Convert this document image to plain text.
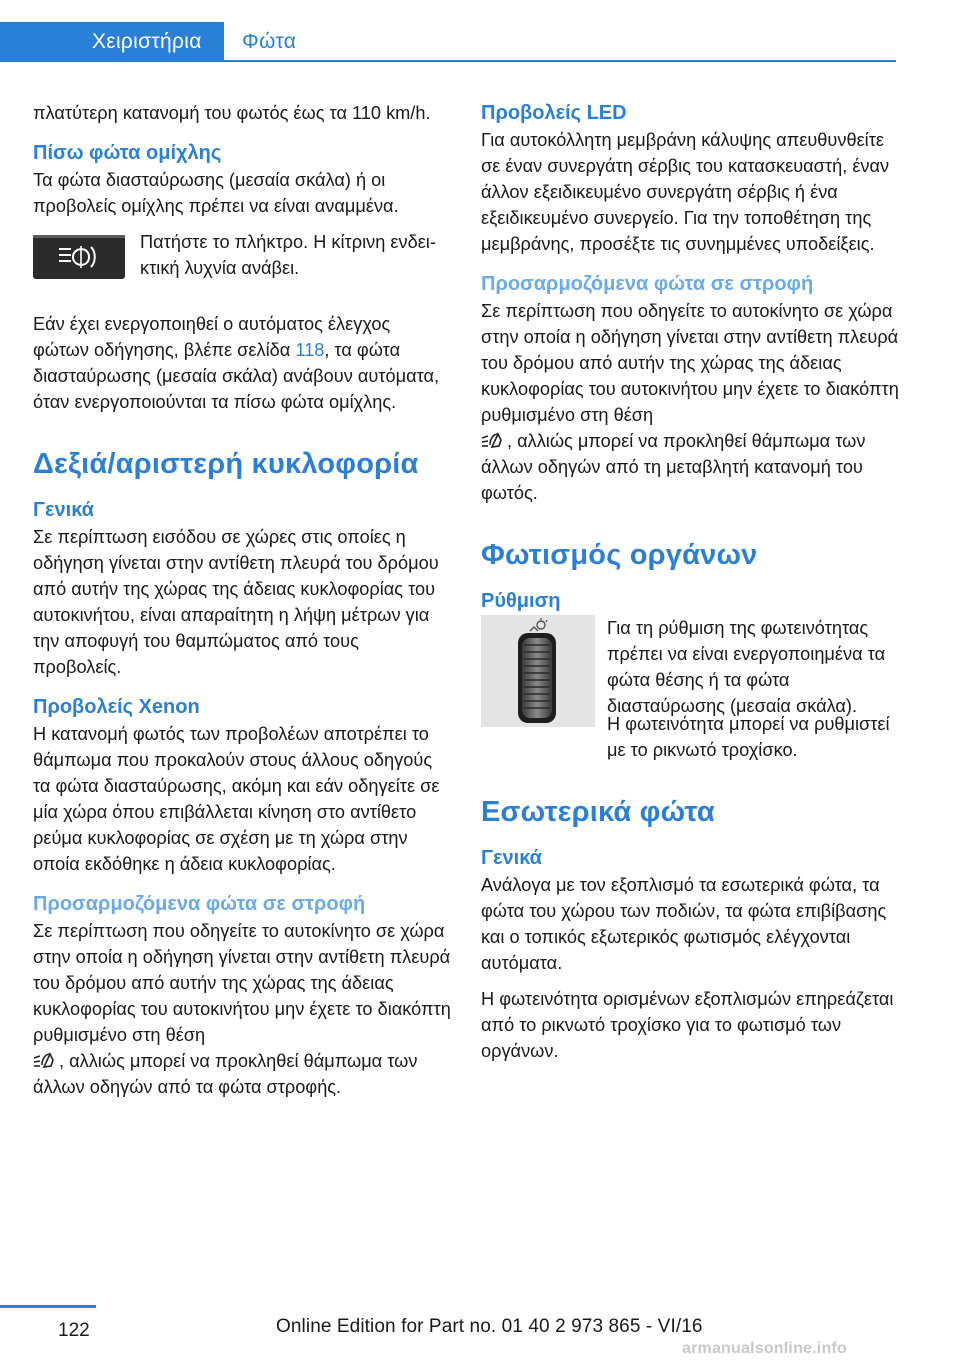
Χειριστήρια	Φώτα

πλατύτερη κατανομή του φωτός έως τα 110 km/h.

Πίσω φώτα ομίχλης

Τα φώτα διασταύρωσης (μεσαία σκάλα) ή οι προβολείς ομίχλης πρέπει να είναι αναμμένα.

Πατήστε το πλήκτρο. Η κίτρινη ενδεικτική λυχνία ανάβει.

Εάν έχει ενεργοποιηθεί ο αυτόματος έλεγχος φώτων οδήγησης, βλέπε σελίδα 118, τα φώτα διασταύρωσης (μεσαία σκάλα) ανάβουν αυτόματα, όταν ενεργοποιούνται τα πίσω φώτα ομίχλης.

Δεξιά/αριστερή κυκλοφορία
Γενικά

Σε περίπτωση εισόδου σε χώρες στις οποίες η οδήγηση γίνεται στην αντίθετη πλευρά του δρόμου από αυτήν της χώρας της άδειας κυκλοφορίας του αυτοκινήτου, είναι απαραίτητη η λήψη μέτρων για την αποφυγή του θαμπώματος από τους προβολείς.

Προβολείς Xenon

Η κατανομή φωτός των προβολέων αποτρέπει το θάμπωμα που προκαλούν στους άλλους οδηγούς τα φώτα διασταύρωσης, ακόμη και εάν οδηγείτε σε μία χώρα όπου επιβάλλεται κίνηση στο αντίθετο ρεύμα κυκλοφορίας σε σχέση με τη χώρα στην οποία εκδόθηκε η άδεια κυκλοφορίας.

Προσαρμοζόμενα φώτα σε στροφή

Σε περίπτωση που οδηγείτε το αυτοκίνητο σε χώρα στην οποία η οδήγηση γίνεται στην αντίθετη πλευρά του δρόμου από αυτήν της χώρας της άδειας κυκλοφορίας του αυτοκινήτου μην έχετε το διακόπτη ρυθμισμένο στη θέση
, αλλιώς μπορεί να προκληθεί θάμπωμα των άλλων οδηγών από τα φώτα στροφής.

Προβολείς LED

Για αυτοκόλλητη μεμβράνη κάλυψης απευθυνθείτε σε έναν συνεργάτη σέρβις του κατασκευαστή, έναν άλλον εξειδικευμένο συνεργάτη σέρβις ή ένα εξειδικευμένο συνεργείο. Για την τοποθέτηση της μεμβράνης, προσέξτε τις συνημμένες υποδείξεις.

Προσαρμοζόμενα φώτα σε στροφή

Σε περίπτωση που οδηγείτε το αυτοκίνητο σε χώρα στην οποία η οδήγηση γίνεται στην αντίθετη πλευρά του δρόμου από αυτήν της χώρας της άδειας κυκλοφορίας του αυτοκινήτου μην έχετε το διακόπτη ρυθμισμένο στη θέση
, αλλιώς μπορεί να προκληθεί θάμπωμα των άλλων οδηγών από τη μεταβλητή κατανομή του φωτός.

Φωτισμός οργάνων
Ρύθμιση

Για τη ρύθμιση της φωτεινότητας πρέπει να είναι ενεργοποιημένα τα φώτα θέσης ή τα φώτα διασταύρωσης (μεσαία σκάλα).

Η φωτεινότητα μπορεί να ρυθμιστεί με το ρικνωτό τροχίσκο.

Εσωτερικά φώτα
Γενικά

Ανάλογα με τον εξοπλισμό τα εσωτερικά φώτα, τα φώτα του χώρου των ποδιών, τα φώτα επιβίβασης και ο τοπικός εξωτερικός φωτισμός ελέγχονται αυτόματα.

Η φωτεινότητα ορισμένων εξοπλισμών επηρεάζεται από το ρικνωτό τροχίσκο για το φωτισμό των οργάνων.

122	Online Edition for Part no. 01 40 2 973 865 - VI/16
armanualsonline.info
